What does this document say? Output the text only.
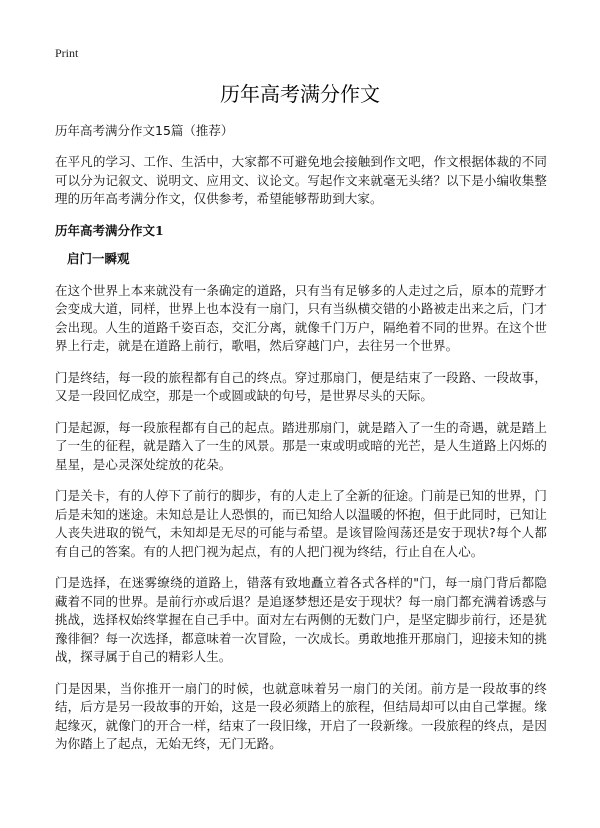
Print
历年高考满分作文
历年高考满分作文15篇（推荐）

在平凡的学习、工作、生活中，大家都不可避免地会接触到作文吧，作文根据体裁的不同可以分为记叙文、说明文、应用文、议论文。写起作文来就毫无头绪？以下是小编收集整理的历年高考满分作文，仅供参考，希望能够帮助到大家。

历年高考满分作文1
启门一瞬观

在这个世界上本来就没有一条确定的道路，只有当有足够多的人走过之后，原本的荒野才会变成大道，同样，世界上也本没有一扇门，只有当纵横交错的小路被走出来之后，门才会出现。人生的道路千姿百态，交汇分离，就像千门万户，隔绝着不同的世界。在这个世界上行走，就是在道路上前行，歌唱，然后穿越门户，去往另一个世界。

门是终结，每一段的旅程都有自己的终点。穿过那扇门，便是结束了一段路、一段故事，又是一段回忆成空，那是一个或圆或缺的句号，是世界尽头的天际。

门是起源，每一段旅程都有自己的起点。踏进那扇门，就是踏入了一生的奇遇，就是踏上了一生的征程，就是踏入了一生的风景。那是一束或明或暗的光芒，是人生道路上闪烁的星星，是心灵深处绽放的花朵。

门是关卡，有的人停下了前行的脚步，有的人走上了全新的征途。门前是已知的世界，门后是未知的迷途。未知总是让人恐惧的，而已知给人以温暖的怀抱，但于此同时，已知让人丧失进取的锐气，未知却是无尽的可能与希望。是该冒险闯荡还是安于现状?每个人都有自己的答案。有的人把门视为起点，有的人把门视为终结，行止自在人心。

门是选择，在迷雾缭绕的道路上，错落有致地矗立着各式各样的"门，每一扇门背后都隐藏着不同的世界。是前行亦或后退？是追逐梦想还是安于现状？每一扇门都充满着诱惑与挑战，选择权始终掌握在自己手中。面对左右两侧的无数门户，是坚定脚步前行，还是犹豫徘徊？每一次选择，都意味着一次冒险，一次成长。勇敢地推开那扇门，迎接未知的挑战，探寻属于自己的精彩人生。

门是因果，当你推开一扇门的时候，也就意味着另一扇门的关闭。前方是一段故事的终结，后方是另一段故事的开始，这是一段必须踏上的旅程，但结局却可以由自己掌握。缘起缘灭，就像门的开合一样，结束了一段旧缘，开启了一段新缘。一段旅程的终点，是因为你踏上了起点，无始无终，无门无路。
